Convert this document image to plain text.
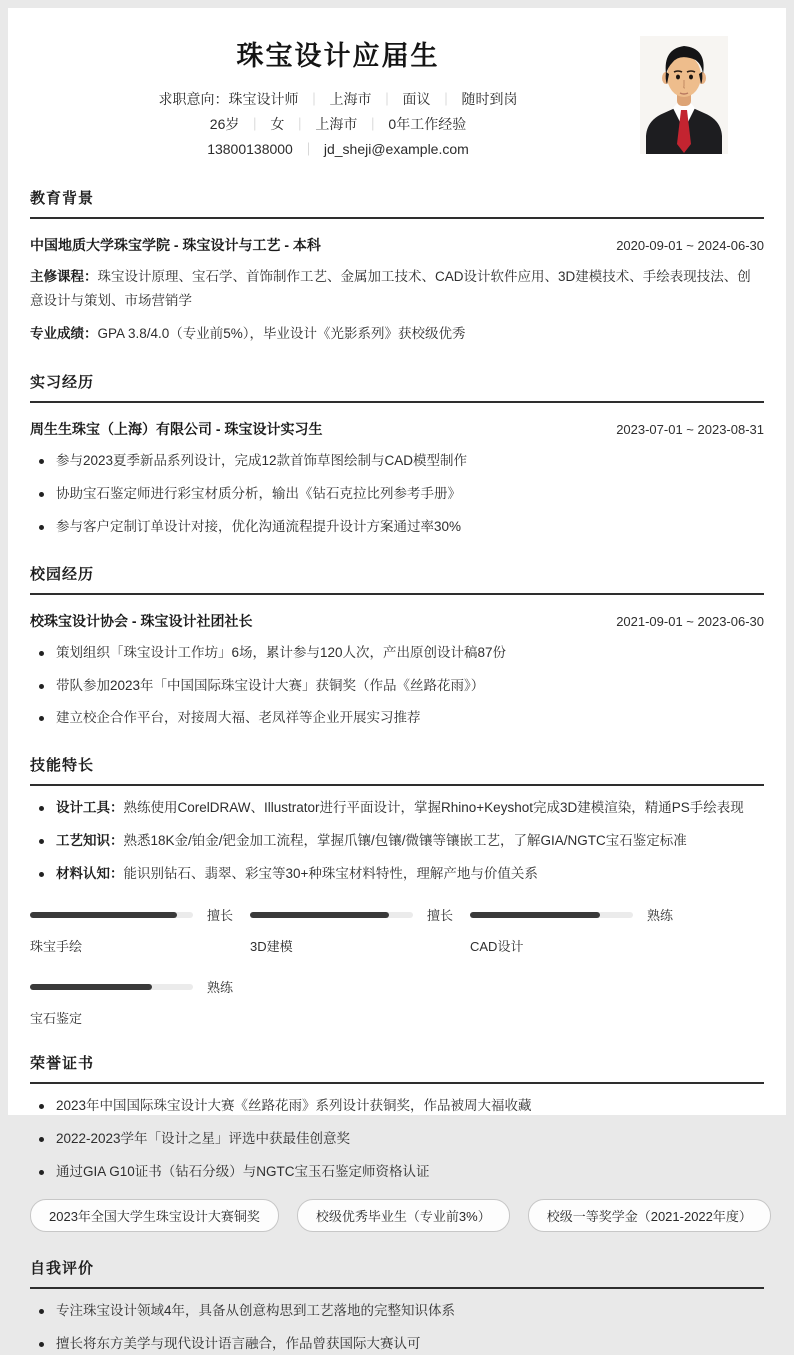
珠宝设计应届生
求职意向：珠宝设计师 ｜ 上海市 ｜ 面议 ｜ 随时到岗
26岁 ｜ 女 ｜ 上海市 ｜ 0年工作经验
13800138000 ｜ jd_sheji@example.com
教育背景
中国地质大学珠宝学院 - 珠宝设计与工艺 - 本科	2020-09-01 ~ 2024-06-30
主修课程：珠宝设计原理、宝石学、首饰制作工艺、金属加工技术、CAD设计软件应用、3D建模技术、手绘表现技法、创意设计与策划、市场营销学
专业成绩：GPA 3.8/4.0（专业前5%），毕业设计《光影系列》获校级优秀
实习经历
周生生珠宝（上海）有限公司 - 珠宝设计实习生	2023-07-01 ~ 2023-08-31
参与2023夏季新品系列设计，完成12款首饰草图绘制与CAD模型制作
协助宝石鉴定师进行彩宝材质分析，输出《钻石克拉比列参考手册》
参与客户定制订单设计对接，优化沟通流程提升设计方案通过率30%
校园经历
校珠宝设计协会 - 珠宝设计社团社长	2021-09-01 ~ 2023-06-30
策划组织「珠宝设计工作坊」6场，累计参与120人次，产出原创设计稿87份
带队参加2023年「中国国际珠宝设计大赛」获铜奖（作品《丝路花雨》）
建立校企合作平台，对接周大福、老凤祥等企业开展实习推荐
技能特长
设计工具：熟练使用CorelDRAW、Illustrator进行平面设计，掌握Rhino+Keyshot完成3D建模渲染，精通PS手绘表现
工艺知识：熟悉18K金/铂金/钯金加工流程，掌握爪镶/包镶/微镶等镶嵌工艺，了解GIA/NGTC宝石鉴定标准
材料认知：能识别钻石、翡翠、彩宝等30+种珠宝材料特性，理解产地与价值关系
擅长
珠宝手绘
擅长
3D建模
熟练
CAD设计
熟练
宝石鉴定
荣誉证书
2023年中国国际珠宝设计大赛《丝路花雨》系列设计获铜奖，作品被周大福收藏
2022-2023学年「设计之星」评选中获最佳创意奖
通过GIA G10证书（钻石分级）与NGTC宝玉石鉴定师资格认证
2023年全国大学生珠宝设计大赛铜奖	校级优秀毕业生（专业前3%）	校级一等奖学金（2021-2022年度）
自我评价
专注珠宝设计领域4年，具备从创意构思到工艺落地的完整知识体系
擅长将东方美学与现代设计语言融合，作品曾获国际大赛认可
